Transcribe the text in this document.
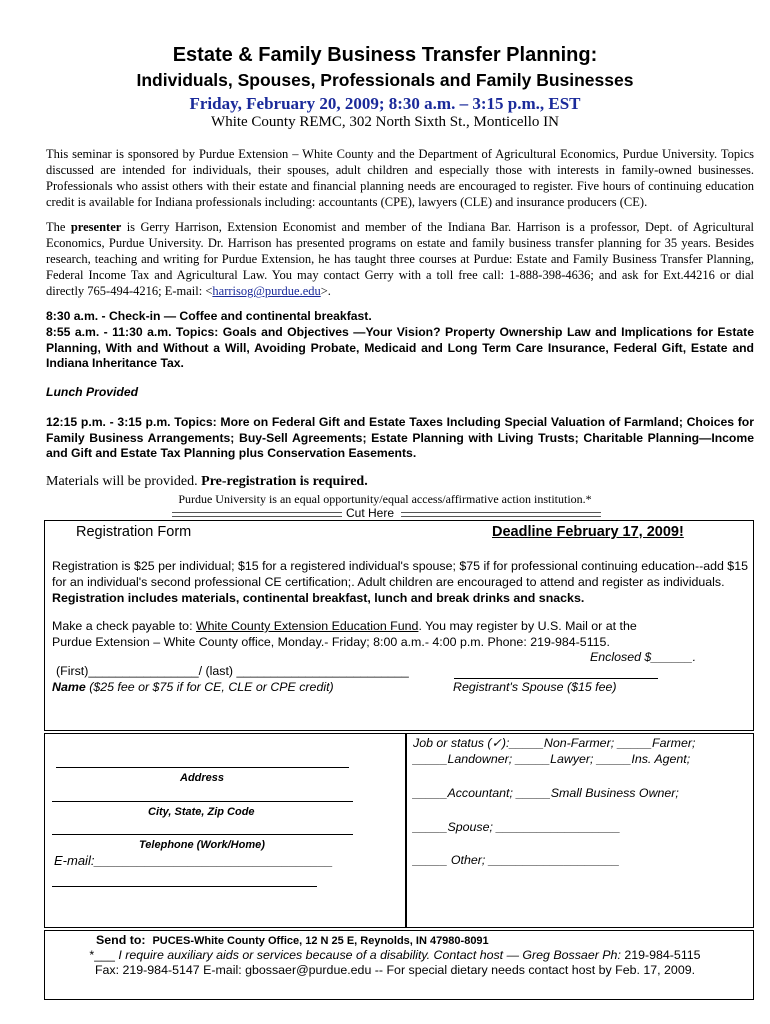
Estate & Family Business Transfer Planning:
Individuals, Spouses, Professionals and Family Businesses
Friday, February 20, 2009; 8:30 a.m. – 3:15 p.m., EST
White County REMC, 302 North Sixth St., Monticello IN
This seminar is sponsored by Purdue Extension – White County and the Department of Agricultural Economics, Purdue University. Topics discussed are intended for individuals, their spouses, adult children and especially those with interests in family-owned businesses. Professionals who assist others with their estate and financial planning needs are encouraged to register. Five hours of continuing education credit is available for Indiana professionals including: accountants (CPE), lawyers (CLE) and insurance producers (CE).
The presenter is Gerry Harrison, Extension Economist and member of the Indiana Bar. Harrison is a professor, Dept. of Agricultural Economics, Purdue University. Dr. Harrison has presented programs on estate and family business transfer planning for 35 years. Besides research, teaching and writing for Purdue Extension, he has taught three courses at Purdue: Estate and Family Business Transfer Planning, Federal Income Tax and Agricultural Law. You may contact Gerry with a toll free call: 1-888-398-4636; and ask for Ext.44216 or dial directly 765-494-4216; E-mail: <harrisog@purdue.edu>.
8:30 a.m. - Check-in — Coffee and continental breakfast.
8:55 a.m. - 11:30 a.m. Topics: Goals and Objectives —Your Vision? Property Ownership Law and Implications for Estate Planning, With and Without a Will, Avoiding Probate, Medicaid and Long Term Care Insurance, Federal Gift, Estate and Indiana Inheritance Tax.
Lunch Provided
12:15 p.m. - 3:15 p.m. Topics: More on Federal Gift and Estate Taxes Including Special Valuation of Farmland; Choices for Family Business Arrangements; Buy-Sell Agreements; Estate Planning with Living Trusts; Charitable Planning—Income and Gift and Estate Tax Planning plus Conservation Easements.
Materials will be provided. Pre-registration is required.
Purdue University is an equal opportunity/equal access/affirmative action institution.*
Cut Here
Registration Form	Deadline February 17, 2009!
Registration is $25 per individual; $15 for a registered individual's spouse; $75 if for professional continuing education--add $15 for an individual's second professional CE certification;. Adult children are encouraged to attend and register as individuals. Registration includes materials, continental breakfast, lunch and break drinks and snacks.
Make a check payable to: White County Extension Education Fund. You may register by U.S. Mail or at the
Purdue Extension – White County office, Monday.- Friday; 8:00 a.m.- 4:00 p.m. Phone: 219-984-5115.
Enclosed $______.
(First)________________/ (last) _________________________
Name ($25 fee or $75 if for CE, CLE or CPE credit)	Registrant's Spouse ($15 fee)
Address
City, State, Zip Code
Telephone (Work/Home)
E-mail:_________________________________
Job or status (✓):_____Non-Farmer; _____Farmer;
_____Landowner; _____Lawyer; _____Ins. Agent;
_____Accountant; _____Small Business Owner;
_____Spouse; __________________
_____ Other; ___________________
Send to: PUCES-White County Office, 12 N 25 E, Reynolds, IN 47980-8091
*___ I require auxiliary aids or services because of a disability. Contact host — Greg Bossaer Ph: 219-984-5115
Fax: 219-984-5147 E-mail: gbossaer@purdue.edu -- For special dietary needs contact host by Feb. 17, 2009.
